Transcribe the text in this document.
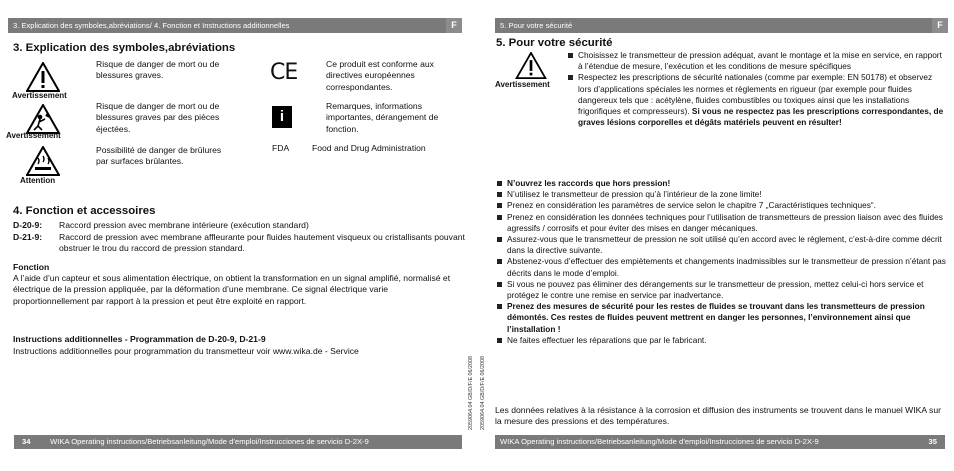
3. Explication des symboles,abréviations/ 4. Fonction et Instructions additionnelles	F
3. Explication des symboles,abréviations
Avertissement
Risque de danger de mort ou de blessures graves.
Avertissement
Risque de danger de mort ou de blessures graves par des pièces éjectées.
Attention
Possibilité de danger de brûlures par surfaces brûlantes.
CE	Ce produit est conforme aux directives européennes correspondantes.
i
Remarques, informations importantes, dérangement de fonction.
FDA	Food and Drug Administration
4. Fonction et accessoires
D-20-9: Raccord pression avec membrane intérieure (exécution standard)
D-21-9:	Raccord de pression avec membrane affleurante pour fluides hautement visqueux ou cristallisants pouvant obstruer le trou du raccord de pression standard.
Fonction
A l’aide d’un capteur et sous alimentation électrique, on obtient la transformation en un signal amplifié, normalisé et électrique de la pression appliquée, par la déformation d’une membrane. Ce signal électrique varie proportionnellement par rapport à la pression et peut être exploité en rapport.
Instructions additionnelles - Programmation de D-20-9, D-21-9
Instructions additionnelles pour programmation du transmetteur voir www.wika.de - Service
2059064.04 GB/D/F/E 06/2008
34	WIKA Operating instructions/Betriebsanleitung/Mode d’emploi/Instrucciones de servicio D-2X-9
5. Pour votre sécurité	F
5. Pour votre sécurité
Avertissement
Choisissez le transmetteur de pression adéquat, avant le montage et la mise en service, en rapport à l’étendue de mesure, l’exécution et les conditions de mesure spécifiques
Respectez les prescriptions de sécurité nationales (comme par exemple: EN 50178) et observez lors d’applications spéciales les normes et règlements en rigueur (par exemple pour fluides dangereux tels que : acétylène, fluides combustibles ou toxiques ainsi que les installations frigorifiques et compresseurs). Si vous ne respectez pas les prescriptions correspondantes, de graves lésions corporelles et dégâts matériels peuvent en résulter!
N’ouvrez les raccords que hors pression!
N’utilisez le transmetteur de pression qu’à l’intérieur de la zone limite!
Prenez en considération les paramètres de service selon le chapitre 7 „Caractéristiques techniques“.
Prenez en considération les données techniques pour l’utilisation de transmetteurs de pression liaison avec des fluides agressifs / corrosifs et pour éviter des mises en danger mécaniques.
Assurez-vous que le transmetteur de pression ne soit utilisé qu’en accord avec le règlement, c’est-à-dire comme décrit dans la directive suivante.
Abstenez-vous d’effectuer des empiètements et changements inadmissibles sur le transmetteur de pression n’étant pas décrits dans le mode d’emploi.
Si vous ne pouvez pas éliminer des dérangements sur le transmetteur de pression, mettez celui-ci hors service et protégez le contre une remise en service par inadvertance.
Prenez des mesures de sécurité pour les restes de fluides se trouvant dans les transmetteurs de pression démontés. Ces restes de fluides peuvent mettrent en danger les personnes, l’environnement ainsi que l’installation !
Ne faites effectuer les réparations que par le fabricant.
Les données relatives à la résistance à la corrosion et diffusion des instruments se trouvent dans le manuel WIKA sur la mesure des pressions et des températures.
2059064.04 GB/D/F/E 06/2008
WIKA Operating instructions/Betriebsanleitung/Mode d’emploi/Instrucciones de servicio D-2X-9	35
